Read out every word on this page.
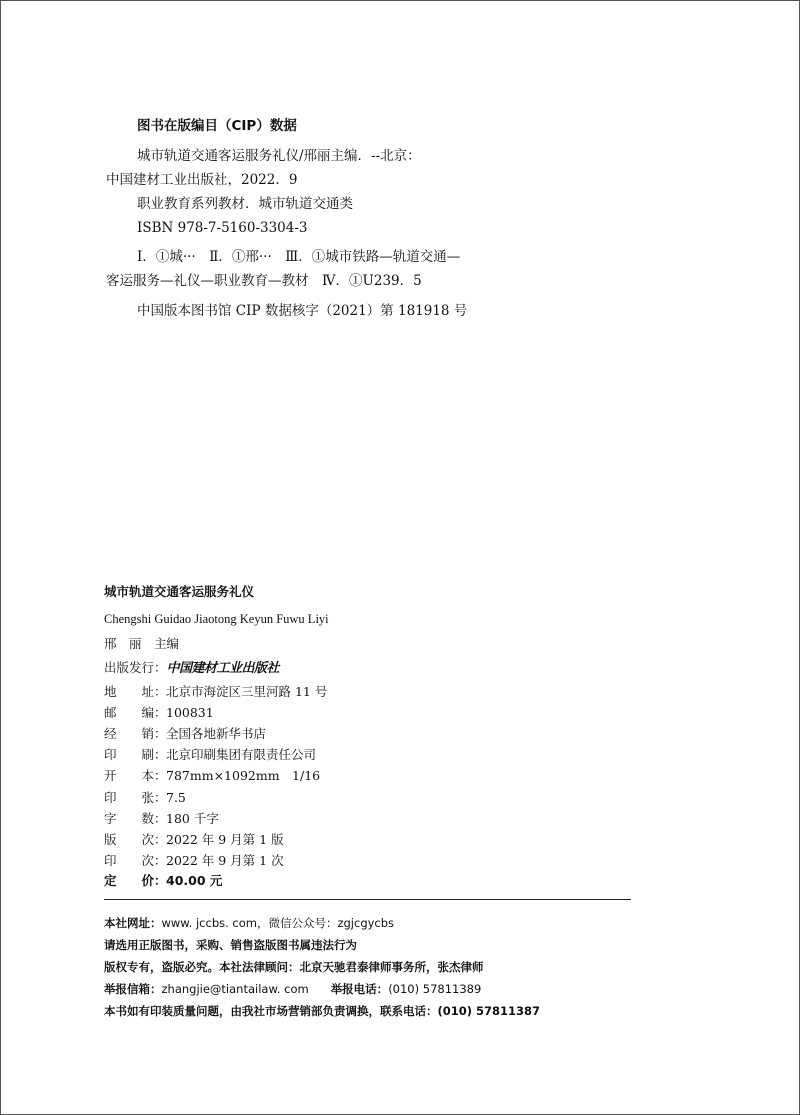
图书在版编目（CIP）数据
城市轨道交通客运服务礼仪/邢丽主编．--北京：
中国建材工业出版社，2022．9
职业教育系列教材．城市轨道交通类
ISBN 978-7-5160-3304-3
Ⅰ．①城···　Ⅱ．①邢···　Ⅲ．①城市铁路—轨道交通—
客运服务—礼仪—职业教育—教材　Ⅳ．①U239．5
中国版本图书馆 CIP 数据核字（2021）第 181918 号
城市轨道交通客运服务礼仪
Chengshi Guidao Jiaotong Keyun Fuwu Liyi
邢　丽　主编
出版发行：中国建材工业出版社
地　　址：北京市海淀区三里河路 11 号
邮　　编：100831
经　　销：全国各地新华书店
印　　刷：北京印刷集团有限责任公司
开　　本：787mm×1092mm　1/16
印　　张：7.5
字　　数：180 千字
版　　次：2022 年 9 月第 1 版
印　　次：2022 年 9 月第 1 次
定　　价：40.00 元
本社网址：www. jccbs. com，微信公众号：zgjcgycbs
请选用正版图书，采购、销售盗版图书属违法行为
版权专有，盗版必究。本社法律顾问：北京天驰君泰律师事务所，张杰律师
举报信箱：zhangjie@tiantailaw. com 举报电话：(010) 57811389
本书如有印装质量问题，由我社市场营销部负责调换，联系电话：(010) 57811387
